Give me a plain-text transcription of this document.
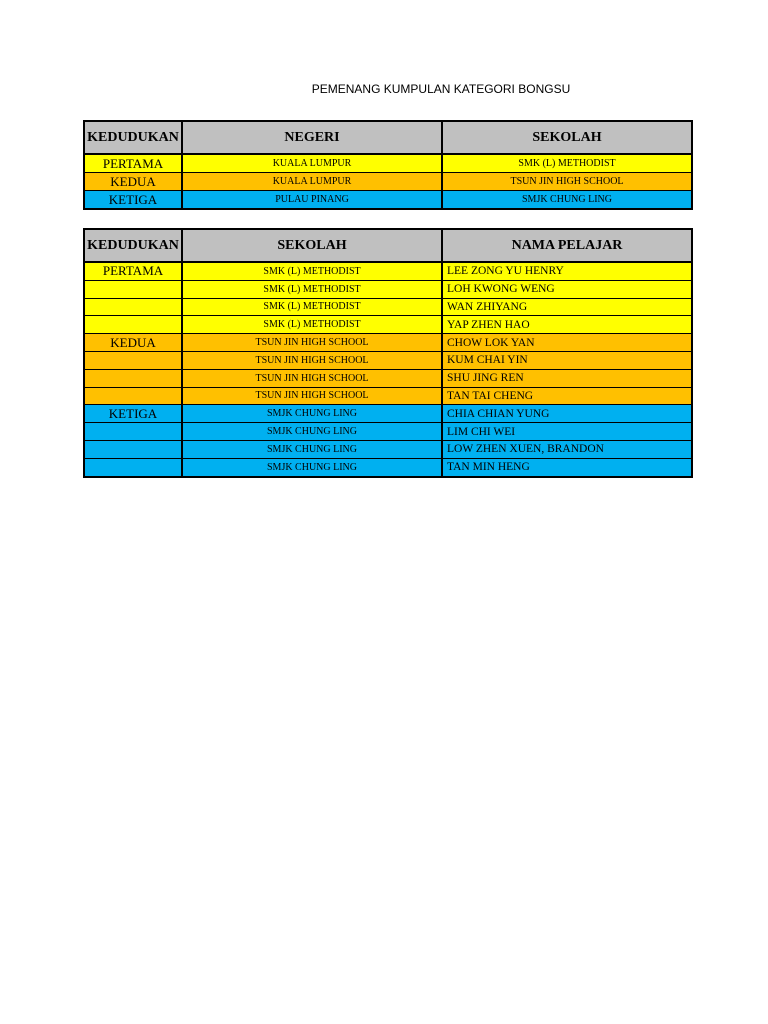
PEMENANG KUMPULAN KATEGORI BONGSU
KEDUDUKAN	NEGERI	SEKOLAH
PERTAMA	KUALA LUMPUR	SMK (L) METHODIST
KEDUA	KUALA LUMPUR	TSUN JIN HIGH SCHOOL
KETIGA	PULAU PINANG	SMJK CHUNG LING
KEDUDUKAN	SEKOLAH	NAMA PELAJAR
PERTAMA	SMK (L) METHODIST	LEE ZONG YU HENRY
	SMK (L) METHODIST	LOH KWONG WENG
	SMK (L) METHODIST	WAN ZHIYANG
	SMK (L) METHODIST	YAP ZHEN HAO
KEDUA	TSUN JIN HIGH SCHOOL	CHOW LOK YAN
	TSUN JIN HIGH SCHOOL	KUM CHAI YIN
	TSUN JIN HIGH SCHOOL	SHU JING REN
	TSUN JIN HIGH SCHOOL	TAN TAI CHENG
KETIGA	SMJK CHUNG LING	CHIA CHIAN YUNG
	SMJK CHUNG LING	LIM CHI WEI
	SMJK CHUNG LING	LOW ZHEN XUEN, BRANDON
	SMJK CHUNG LING	TAN MIN HENG
